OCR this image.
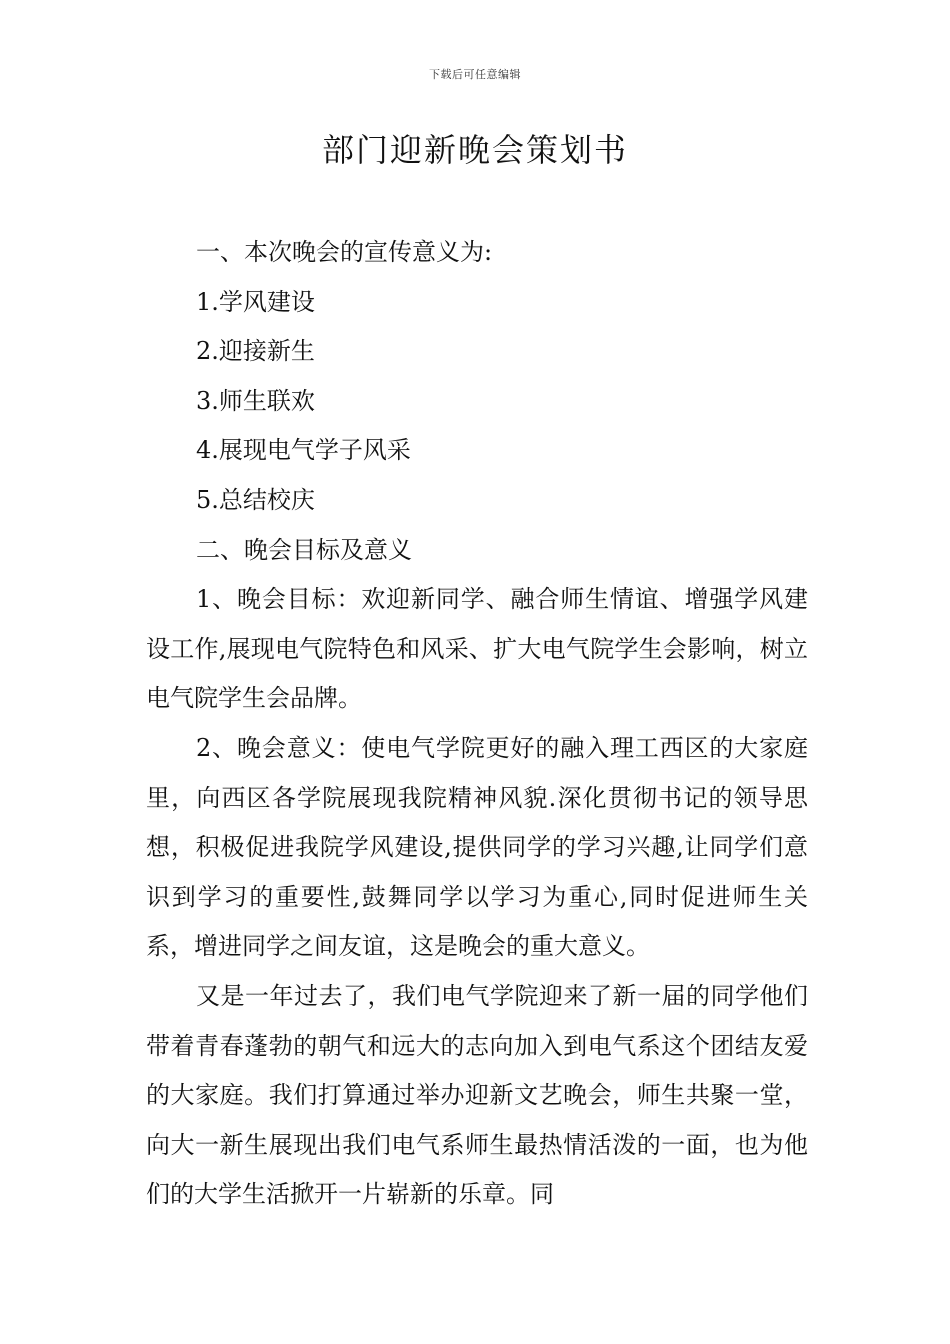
下载后可任意编辑
部门迎新晚会策划书

一、本次晚会的宣传意义为:

1.学风建设

2.迎接新生

3.师生联欢

4.展现电气学子风采

5.总结校庆

二、晚会目标及意义

1、晚会目标：欢迎新同学、融合师生情谊、增强学风建设工作,展现电气院特色和风采、扩大电气院学生会影响，树立电气院学生会品牌。

2、晚会意义：使电气学院更好的融入理工西区的大家庭里，向西区各学院展现我院精神风貌.深化贯彻书记的领导思想，积极促进我院学风建设,提供同学的学习兴趣,让同学们意识到学习的重要性,鼓舞同学以学习为重心,同时促进师生关系，增进同学之间友谊，这是晚会的重大意义。

又是一年过去了，我们电气学院迎来了新一届的同学他们带着青春蓬勃的朝气和远大的志向加入到电气系这个团结友爱的大家庭。我们打算通过举办迎新文艺晚会，师生共聚一堂，向大一新生展现出我们电气系师生最热情活泼的一面，也为他们的大学生活掀开一片崭新的乐章。同
